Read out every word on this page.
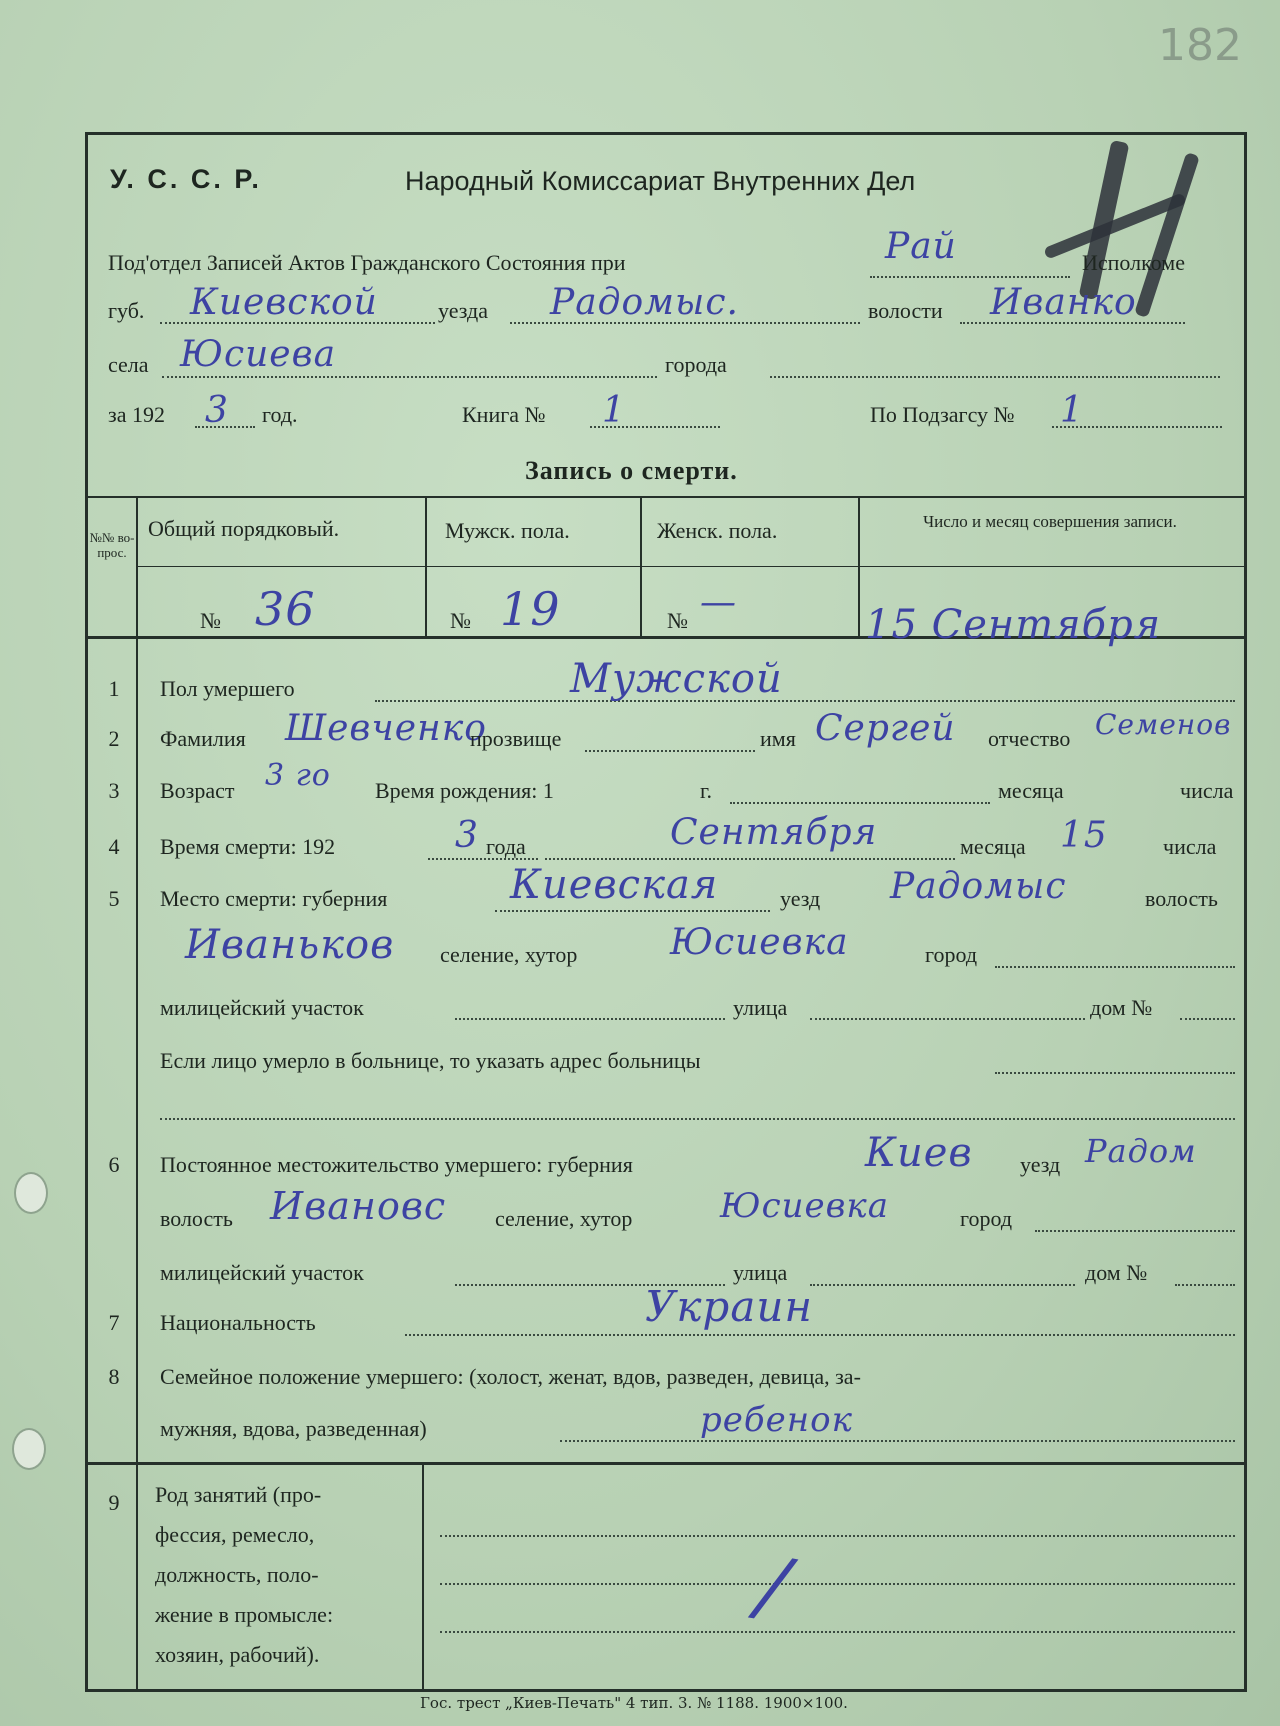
182
У. С. С. Р.	Народный Комиссариат Внутренних Дел
Под'отдел Записей Актов Гражданского Состояния при	Рай	Исполкоме
губ. Киевской	уезда Радомыс.	волости Иванко
села Юсиева	города
за 192 3 год.	Книга № 1	По Подзагсу № 1
Запись о смерти.
№№ во- прос.
Общий порядковый.	Мужск. пола.	Женск. пола.	Число и месяц совершения записи.
№ 36	№ 19	№ —	15 Сентября
1	Пол умершего	Мужской
2	Фамилия Шевченко
прозвище	имя Сергей отчество Семенов
3	Возраст 3 го Время рождения: 1	г.	месяца	числа
4	Время смерти: 192	3 года	Сентября	месяца 15	числа
5	Место смерти: губерния	Киевская	уезд Радомыс	волость
Иваньков селение, хутор	Юсиевка	город
милицейский участок	улица	дом №
Если лицо умерло в больнице, то указать адрес больницы
6	Постоянное местожительство умершего: губерния	Киев уезд Радом
волость Ивановс селение, хутор	Юсиевка	город
милицейский участок	улица	дом №
7	Национальность	Украин
8	Семейное положение умершего: (холост, женат, вдов, разведен, девица, за-
мужняя, вдова, разведенная)	ребенок
9	Род занятий (про-
фессия, ремесло,
должность, поло-
жение в промысле:
хозяин, рабочий).
/
Гос. трест „Киев-Печать" 4 тип. 3. № 1188. 1900×100.
